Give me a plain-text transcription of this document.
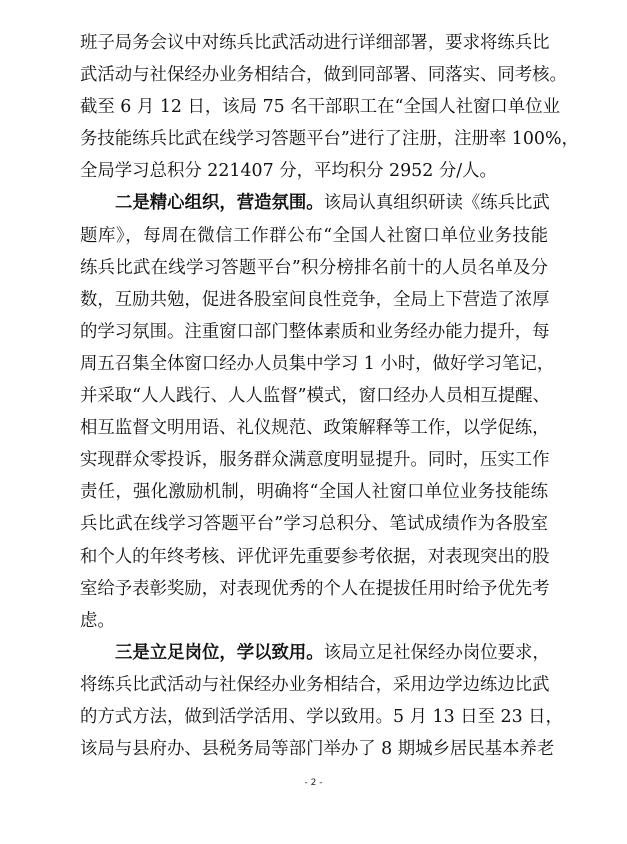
班子局务会议中对练兵比武活动进行详细部署，要求将练兵比
武活动与社保经办业务相结合，做到同部署、同落实、同考核。
截至 6 月 12 日，该局 75 名干部职工在“全国人社窗口单位业
务技能练兵比武在线学习答题平台”进行了注册，注册率 100%，
全局学习总积分 221407 分，平均积分 2952 分/人。
二是精心组织，营造氛围。该局认真组织研读《练兵比武
题库》，每周在微信工作群公布“全国人社窗口单位业务技能
练兵比武在线学习答题平台”积分榜排名前十的人员名单及分
数，互励共勉，促进各股室间良性竞争，全局上下营造了浓厚
的学习氛围。注重窗口部门整体素质和业务经办能力提升，每
周五召集全体窗口经办人员集中学习 1 小时，做好学习笔记，
并采取“人人践行、人人监督”模式，窗口经办人员相互提醒、
相互监督文明用语、礼仪规范、政策解释等工作，以学促练，
实现群众零投诉，服务群众满意度明显提升。同时，压实工作
责任，强化激励机制，明确将“全国人社窗口单位业务技能练
兵比武在线学习答题平台”学习总积分、笔试成绩作为各股室
和个人的年终考核、评优评先重要参考依据，对表现突出的股
室给予表彰奖励，对表现优秀的个人在提拔任用时给予优先考
虑。
三是立足岗位，学以致用。该局立足社保经办岗位要求，
将练兵比武活动与社保经办业务相结合，采用边学边练边比武
的方式方法，做到活学活用、学以致用。5 月 13 日至 23 日，
该局与县府办、县税务局等部门举办了 8 期城乡居民基本养老
- 2 -
